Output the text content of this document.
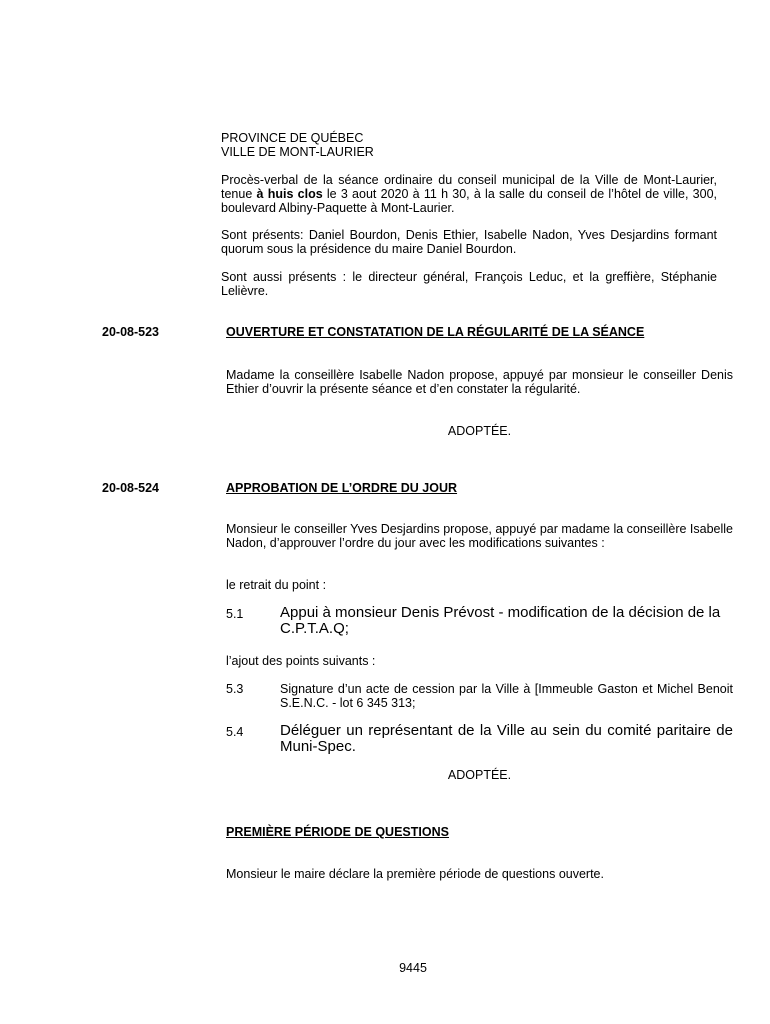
PROVINCE DE QUÉBEC
VILLE DE MONT-LAURIER
Procès-verbal de la séance ordinaire du conseil municipal de la Ville de Mont-Laurier, tenue à huis clos le 3 aout 2020 à 11 h 30, à la salle du conseil de l’hôtel de ville, 300, boulevard Albiny-Paquette à Mont-Laurier.
Sont présents: Daniel Bourdon, Denis Ethier, Isabelle Nadon, Yves Desjardins formant quorum sous la présidence du maire Daniel Bourdon.
Sont aussi présents : le directeur général, François Leduc, et la greffière, Stéphanie Lelièvre.
20-08-523	OUVERTURE ET CONSTATATION DE LA RÉGULARITÉ DE LA SÉANCE
Madame la conseillère Isabelle Nadon propose, appuyé par monsieur le conseiller Denis Ethier d’ouvrir la présente séance et d’en constater la régularité.
ADOPTÉE.
20-08-524	APPROBATION DE L’ORDRE DU JOUR
Monsieur le conseiller Yves Desjardins propose, appuyé par madame la conseillère Isabelle Nadon, d’approuver l’ordre du jour avec les modifications suivantes :
le retrait du point :
5.1 Appui à monsieur Denis Prévost - modification de la décision de la C.P.T.A.Q;
l’ajout des points suivants :
5.3	Signature d’un acte de cession par la Ville à [Immeuble Gaston et Michel Benoit S.E.N.C. - lot 6 345 313;
5.4 Déléguer un représentant de la Ville au sein du comité paritaire de Muni-Spec.
ADOPTÉE.
PREMIÈRE PÉRIODE DE QUESTIONS
Monsieur le maire déclare la première période de questions ouverte.
9445
